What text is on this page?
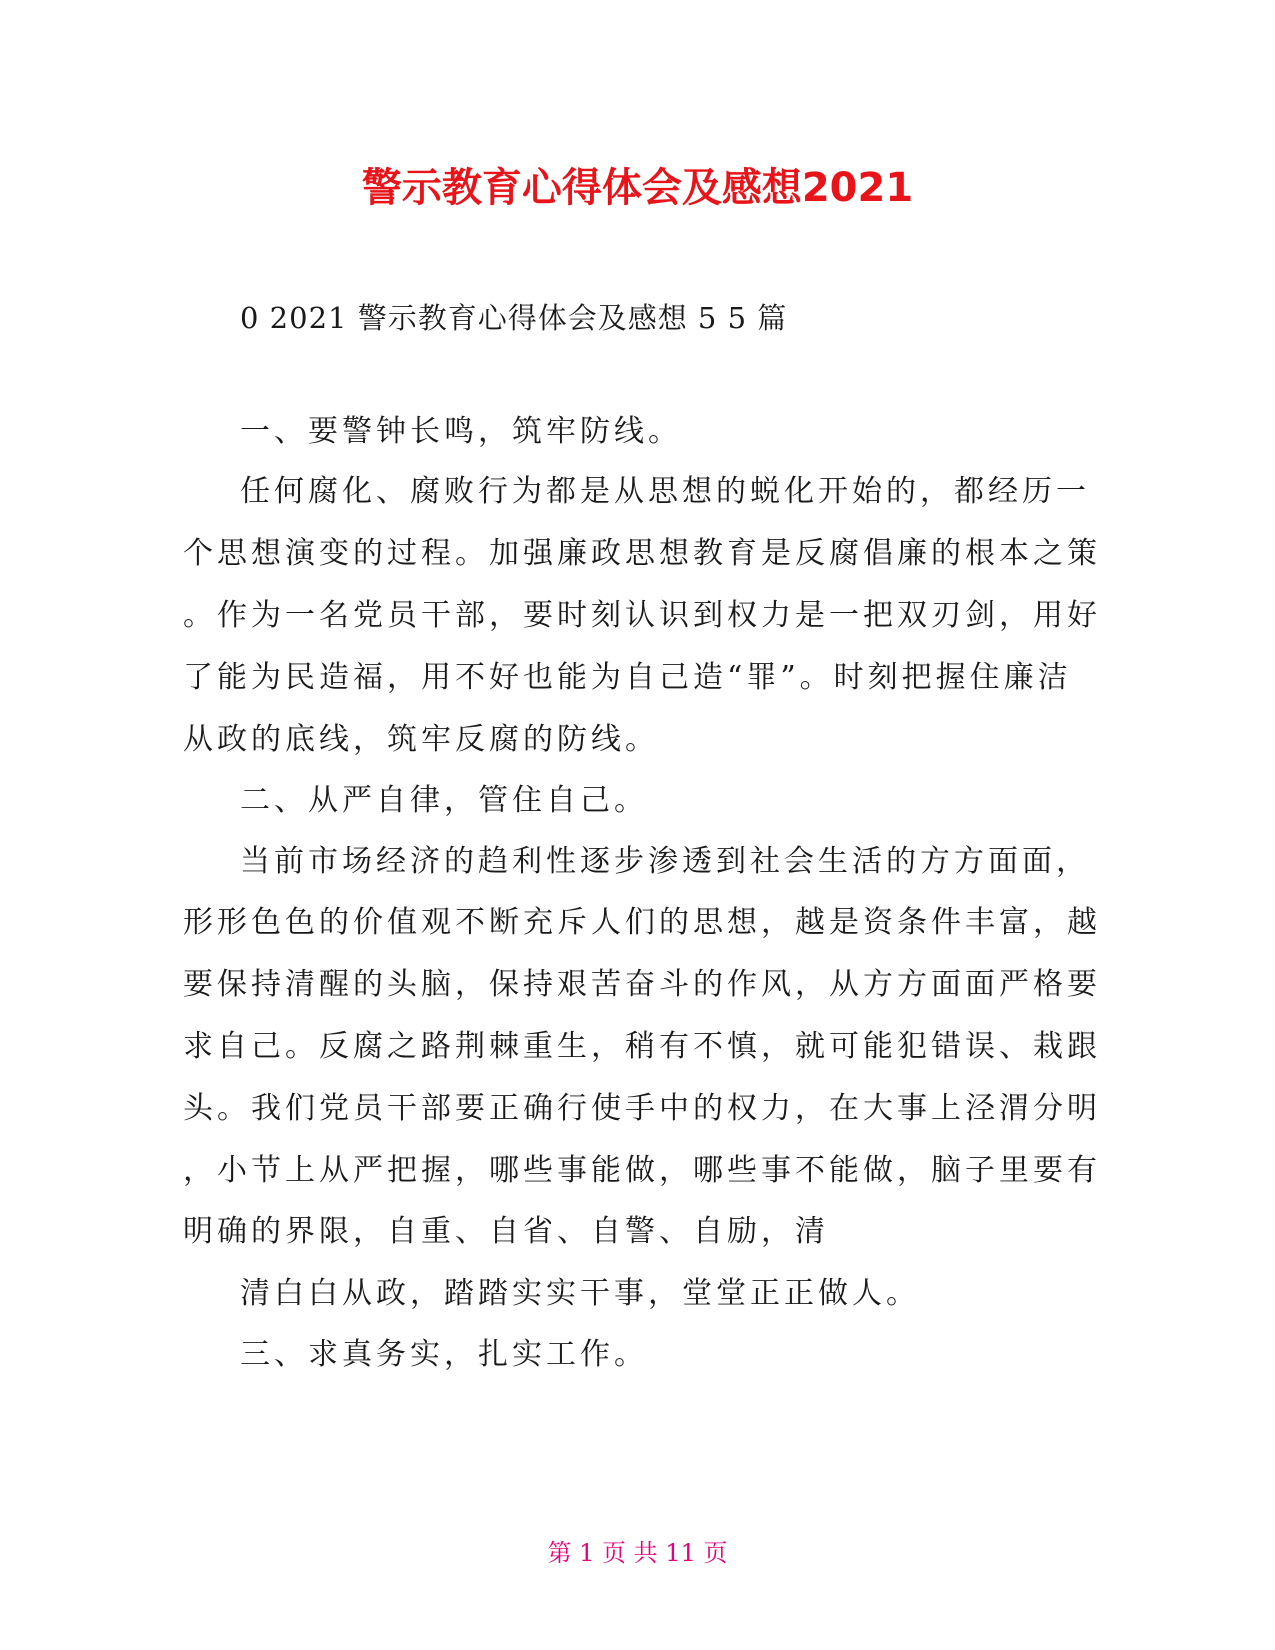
警示教育心得体会及感想2021

0 2021 警示教育心得体会及感想 5 5 篇

一、要警钟长鸣，筑牢防线。

任何腐化、腐败行为都是从思想的蜕化开始的，都经历一

个思想演变的过程。加强廉政思想教育是反腐倡廉的根本之策

。作为一名党员干部，要时刻认识到权力是一把双刃剑，用好

了能为民造福，用不好也能为自己造“罪”。时刻把握住廉洁

从政的底线，筑牢反腐的防线。

二、从严自律，管住自己。

当前市场经济的趋利性逐步渗透到社会生活的方方面面，

形形色色的价值观不断充斥人们的思想，越是资条件丰富，越

要保持清醒的头脑，保持艰苦奋斗的作风，从方方面面严格要

求自己。反腐之路荆棘重生，稍有不慎，就可能犯错误、栽跟

头。我们党员干部要正确行使手中的权力，在大事上泾渭分明

，小节上从严把握，哪些事能做，哪些事不能做，脑子里要有

明确的界限，自重、自省、自警、自励，清

清白白从政，踏踏实实干事，堂堂正正做人。

三、求真务实，扎实工作。

第 1 页 共 11 页
